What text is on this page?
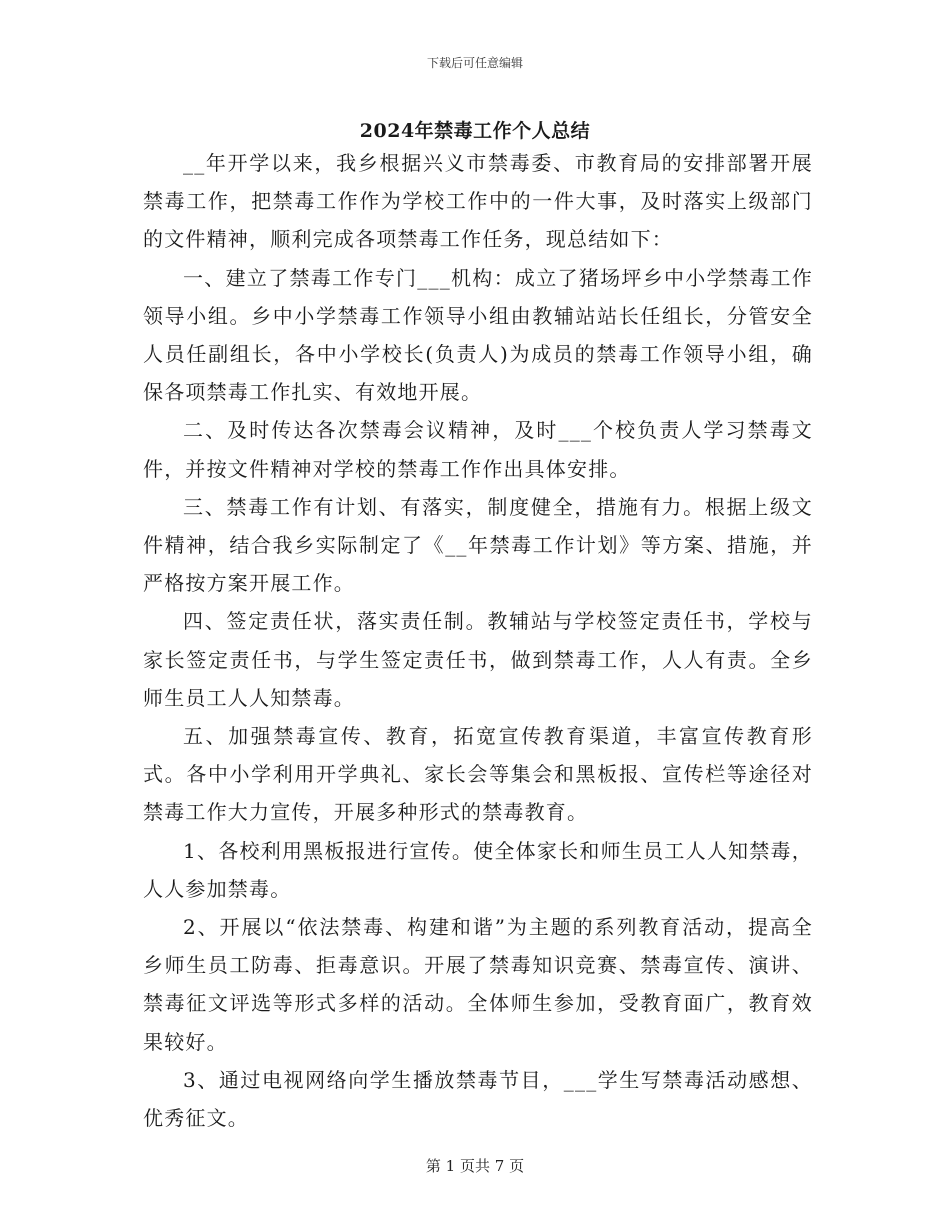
下载后可任意编辑
2024年禁毒工作个人总结

__年开学以来，我乡根据兴义市禁毒委、市教育局的安排部署开展禁毒工作，把禁毒工作作为学校工作中的一件大事，及时落实上级部门的文件精神，顺利完成各项禁毒工作任务，现总结如下：

一、建立了禁毒工作专门___机构：成立了猪场坪乡中小学禁毒工作领导小组。乡中小学禁毒工作领导小组由教辅站站长任组长，分管安全人员任副组长，各中小学校长(负责人)为成员的禁毒工作领导小组，确保各项禁毒工作扎实、有效地开展。

二、及时传达各次禁毒会议精神，及时___个校负责人学习禁毒文件，并按文件精神对学校的禁毒工作作出具体安排。

三、禁毒工作有计划、有落实，制度健全，措施有力。根据上级文件精神，结合我乡实际制定了《__年禁毒工作计划》等方案、措施，并严格按方案开展工作。

四、签定责任状，落实责任制。教辅站与学校签定责任书，学校与家长签定责任书，与学生签定责任书，做到禁毒工作，人人有责。全乡师生员工人人知禁毒。

五、加强禁毒宣传、教育，拓宽宣传教育渠道，丰富宣传教育形式。各中小学利用开学典礼、家长会等集会和黑板报、宣传栏等途径对禁毒工作大力宣传，开展多种形式的禁毒教育。

1、各校利用黑板报进行宣传。使全体家长和师生员工人人知禁毒，人人参加禁毒。

2、开展以“依法禁毒、构建和谐”为主题的系列教育活动，提高全乡师生员工防毒、拒毒意识。开展了禁毒知识竞赛、禁毒宣传、演讲、禁毒征文评选等形式多样的活动。全体师生参加，受教育面广，教育效果较好。

3、通过电视网络向学生播放禁毒节目，___学生写禁毒活动感想、优秀征文。

第 1 页共 7 页
